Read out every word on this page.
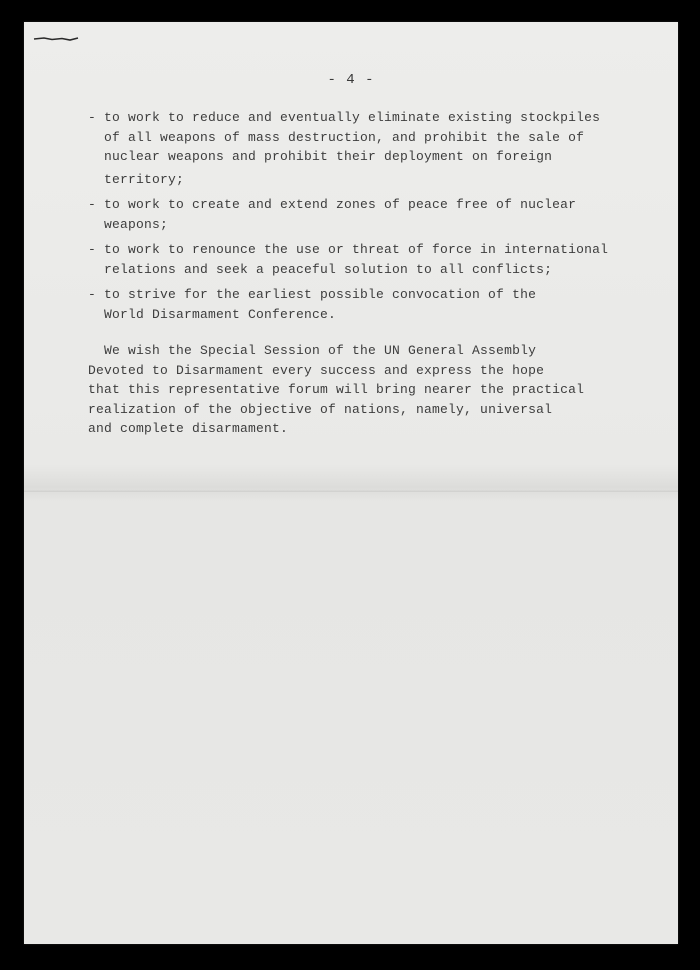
- 4 -
- to work to reduce and eventually eliminate existing stockpiles
of all weapons of mass destruction, and prohibit the sale of
nuclear weapons and prohibit their deployment on foreign
territory;
- to work to create and extend zones of peace free of nuclear
weapons;
- to work to renounce the use or threat of force in international
relations and seek a peaceful solution to all conflicts;
- to strive for the earliest possible convocation of the
World Disarmament Conference.
We wish the Special Session of the UN General Assembly
Devoted to Disarmament every success and express the hope
that this representative forum will bring nearer the practical
realization of the objective of nations, namely, universal
and complete disarmament.
